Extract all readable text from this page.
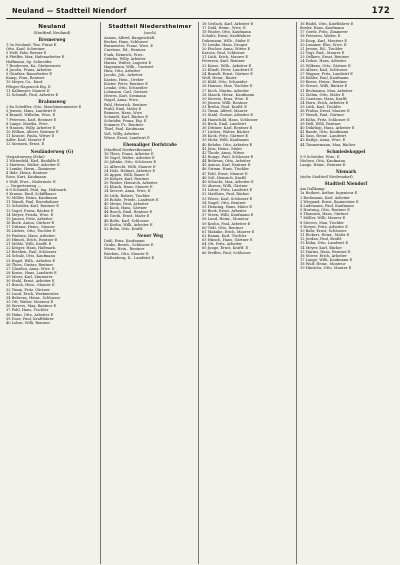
Neuland — Stadtteil Niendorf	172
Neuland
(Stadtteil Neuland)
Bremerweg
1-3a Neuland, Tim. Franz E
Otto, Kauf. Schreiner
5 Wolf, Fahr. Berner E
6 Pfeiffer, Max, Hafenarbeiter E
Hoffmann, Sp. Schneider
7 Brodersen, Ka. Gärtnermstr.
8 Jacobs, Franz, Arbeiter
9 Günther, Bauarbeiter E
Kamp, Frau, Rentner
10 Meyer, Ca., Kauf.
Pfleger-Hageneck Eig. E
11 Kallmeyer, Maurer E
12 Schmidt, Paul, Arbeiter E
Brahmsweg
2-4a Scheffler, Otto, Maschinenmeister E
5 Jensen, Hans, Landwirt E
6 Brandt, Wilhelm, Wwe. E
7 Petersen, Karl, Rentner E
8 Lange, Martha, Wwe.
9 Hansen, Willy, Arbeiter E
10 Wilken, Albert, Rentner E
11 Krause, Paula, Witwe E
Adler, Karl, Maurer E
12 Siemsen, Ernst, E
Neuländerweg (G)
Vorgartenweg (Ecke)
1 Wittenfeld, Karl, Bauhilfe E
2 Martens, Walter, Arbeiter E
3 Lemke, Herm., Zimmerer
4 Ihde, Heinz, Rentner
Rose, Kurt, Kaufmann
5 Wolf, Wwe., Malermstr. E
— Vorgartenweg —
6-8 Schmidt, Paul, Ing. Hafenarb.
9 Krause, Emil, Schiffbauer
10 Möller, Heinz, Kaufmann
11 Wandt, Paul, Eisenbahner
12 Schröder, Karl, Rentner E
13 Vogel, Franz, Bäcker E
14 Meyer, Frieda, Wwe. E
15 Jansen, Fritz, Arbeiter
16 Bock, Anton, Gärtner E
17 Dittmer, Heinr., Maurer
18 Lüders, Otto, Tischler E
19 Paulsen, Hans, Arbeiter
20 Hinsch, Erich, Rentner E
21 Möhle, Willi, Kraftf. E
22 Kröger, Hans, Hafenarb.
23 Riecken, Paul, Schlosser
24 Schulz, Otto, Kaufmann
25 Engel, Wilh., Arbeiter E
26 Thies, Gustav, Rentner
27 Claußen, Anna, Wwe. E
28 Kruse, Hans, Landwirt E
29 Meier, Karl, Zimmerer
30 Stahl, Ernst, Arbeiter E
31 Busch, Hein., Maurer E
32 Timm, Fritz, Gärtner
33 Lund, Erich, Werkmeister
34 Behrens, Heinr., Schlosser
35 Ott, Walter, Monteur E
36 Sievers, Max, Rentner E
37 Pohl, Hans, Tischler
38 Hahn, Otto, Arbeiter E
39 Dose, Paul, Kraftfahrer
40 Lohse, Willi, Rentner
Stadtteil Niederstheimer
(noch)
Asmus, Alfred, Baugeschäft
Becker, Hans, Schlosser
Burmeister, Franz, Wwe. E
Carstens, Ed., Rentner
Funk, Heinrich, Wwe.
Gehrke, Willy, Arbeiter
Harms, Walter, Lagerist E
Hagemann, Wilh., Gastwirt
Hinz, Otto, Arbeiter
Jacobs, Joh., Arbeiter
Kasten, Hein., Dreher
Köster, Peter, Rentner E
Lemke, Otto, Schneider
Lohmann, Carl, Gärtner
Mewes, Karl, Seemann
Nagel, Anna, Wwe.
Pahl, Heinrich, Rentner
Prahl, Emil, Maler E
Reimers, Hans, Wwe.
Schmidt, Karl, Bäcker E
Schröder, Franz, Eig. E
Sommer, Fr., Rentner
Thiel, Paul, Kaufmann
Voß, Willy, Arbeiter
Wiese, Ernst, Landwirt E
Ehemaliger Dorfstraße
(Stadtteil Niederstheimer)
16 Thies, Franz, Arbeiter E
18 Vogel, Walter, Arbeiter E
20 Jahnke, Otto, Schlosser E
22 Albrecht, Willi, Maurer E
24 Holz, Helmut, Arbeiter E
26 Appen, Willi, Bauer E
28 Kröger, Karl, Rentner
30 Winter, Heinrich, Arbeiter
32 Klinck, Hans, Maurer E
34 Sievert, Anna, Wwe. E
36 Lüth, Robert, Tischler
38 Rohde, Friedr., Landwirt E
40 Meins, Paul, Arbeiter
42 Kock, Hans, Gärtner
44 Busch, Emil, Rentner E
46 Groth, Ernst, Maler E
48 Bolte, Karl, Schlosser
50 Krohn, Willi, Arbeiter E
52 Behn, Otto, Kraftf.
Neuer Weg
Dahl, Erna, Kaufmann
Grube, Bernh., Schlosser E
Meins, Hein., Rentner
Riecken, Otto, Maurer E
Stoltenberg, K., Landwirt E
16 Gerlach, Karl, Arbeiter E
17 Dahl, Heinr., Wwe. E
18 Winter, Otto, Kaufmann
Schultz, Ernst, Kraftfahrer
Dohrmann, Wilh., Maler E
19 Lemke, Hans, Drogist
20 Fischer, Anna, Witwe E
Krause, Paul, Schlosser
21 Lüth, Erich, Maurer E
Petersen, Karl, Rentner
22 Kruse, Wilh., Arbeiter E
23 Klindt, Peter, Landwirt E
24 Brandt, Ernst, Gärtner E
Wolf, Heinr., Bauer
25 Kühl, Otto, Schneider
26 Hansen, Max, Tischler E
27 Koch, Martin, Arbeiter
28 Maack, Heinr., Kaufmann
29 Sievers, Erna, Wwe. E
30 Jensen, Willi, Rentner
31 Bruhn, Paul, Kraftf. E
32 Timm, Alfred, Maurer
33 Stahl, Gustav, Arbeiter E
34 Hauschild, Hans, Schlosser
35 Beck, Emil, Landwirt
36 Dittmer, Karl, Rentner E
37 Lüders, Walter, Bäcker
38 Kock, Fritz, Gärtner E
39 Mohr, Willi, Kaufmann
40 Rehder, Otto, Arbeiter E
41 Jöns, Heinr., Maler
42 Thode, Anna, Witwe
43 Runge, Paul, Schlosser E
44 Behrens, Otto, Arbeiter
45 Asmus, Karl, Rentner E
46 Grimm, Hans, Tischler
47 Pohl, Ernst, Maurer E
48 Voß, Heinrich, Kraftf.
49 Schacht, Max, Arbeiter E
50 Ahrens, Willi, Gärtner
51 Lohse, Fritz, Landwirt E
52 Matthies, Paul, Bäcker
53 Wiese, Karl, Schlosser E
54 Nagel, Otto, Rentner
55 Henning, Hans, Maler E
56 Bock, Ernst, Arbeiter
57 Steen, Willi, Kaufmann E
58 Lund, Heinr., Monteur
59 Krohn, Paul, Arbeiter E
60 Tödt, Otto, Rentner
61 Mahnke, Erich, Maurer E
62 Ramm, Karl, Tischler
63 Hinsch, Hans, Gärtner E
64 Ott, Fritz, Arbeiter
65 Junge, Ernst, Kraftf. E
66 Steffen, Paul, Schlosser
16 Rüdel, Otto, Kraftfahrer E
Bosler, Hans, Kaufmann
17 Gerds, Fritz, Zimmerer
18 Petersen, Walter, E
19 Knop, Karl, Monteur E
20 Lemmer, Else, Wwe. E
21 Jessen, Ed., Tischler
22 Vogt, Rud., Maurer E
23 Oelkers, Ernst, Rentner
24 Dohse, Hans, Arbeiter
25 Wilkens, Otto, Gärtner E
26 Albers, Karl, Schlosser
27 Wagner, Fritz, Landwirt E
28 Kähler, Paul, Kaufmann
29 Reese, Heinr., Rentner
30 Struve, Willi, Bäcker E
31 Beckmann, Max, Arbeiter
32 Ziehm, Otto, Maler E
33 Carstens, Hans, Kraftf.
34 Horn, Erich, Arbeiter E
35 Lüth, Karl, Tischler
36 Frahm, Ernst, Maurer E
37 Wendt, Paul, Gärtner
38 Köhn, Fritz, Schlosser E
39 Hell, Willi, Rentner
40 Dührkop, Hans, Arbeiter E
41 Baade, Otto, Kaufmann
42 Sass, Heinr., Landwirt
43 Rathje, Anna, Wwe. E
44 Timmermann, Max, Bäcker
Schmiedekoppel
5-9 Schröder, Wwe. E
Nielsen, Otto, Kaufmann
Lange, Heinr., Rentner E
Niemark
(siehe Stadtteil Niedrendorf)
Stadtteil Niendorf
Am Dallkamp
1a Rothert, Arthur, Ingenieur E
2 Beckmann, Karl, Arbeiter
3 Wiegand, Ernst, Baumeister E
4 Lüdemann, Paul, Kaufmann
5 Hartung, Otto, Rentner E
6 Thomsen, Hans, Gärtner
7 Möller, Willi, Maurer E
8 Sievers, Max, Tischler
9 Dreyer, Fritz, Arbeiter E
10 Bahr, Ernst, Schlosser
11 Rickert, Heinr., Maler E
12 Jordan, Paul, Kraftf.
13 Kühn, Otto, Landwirt E
14 Meyer, Karl, Bäcker
15 Harms, Hans, Rentner E
16 Stöver, Erich, Arbeiter
17 Lange, Willi, Kaufmann E
18 Wulf, Heinr., Monteur
19 Hinrichs, Otto, Maurer E
